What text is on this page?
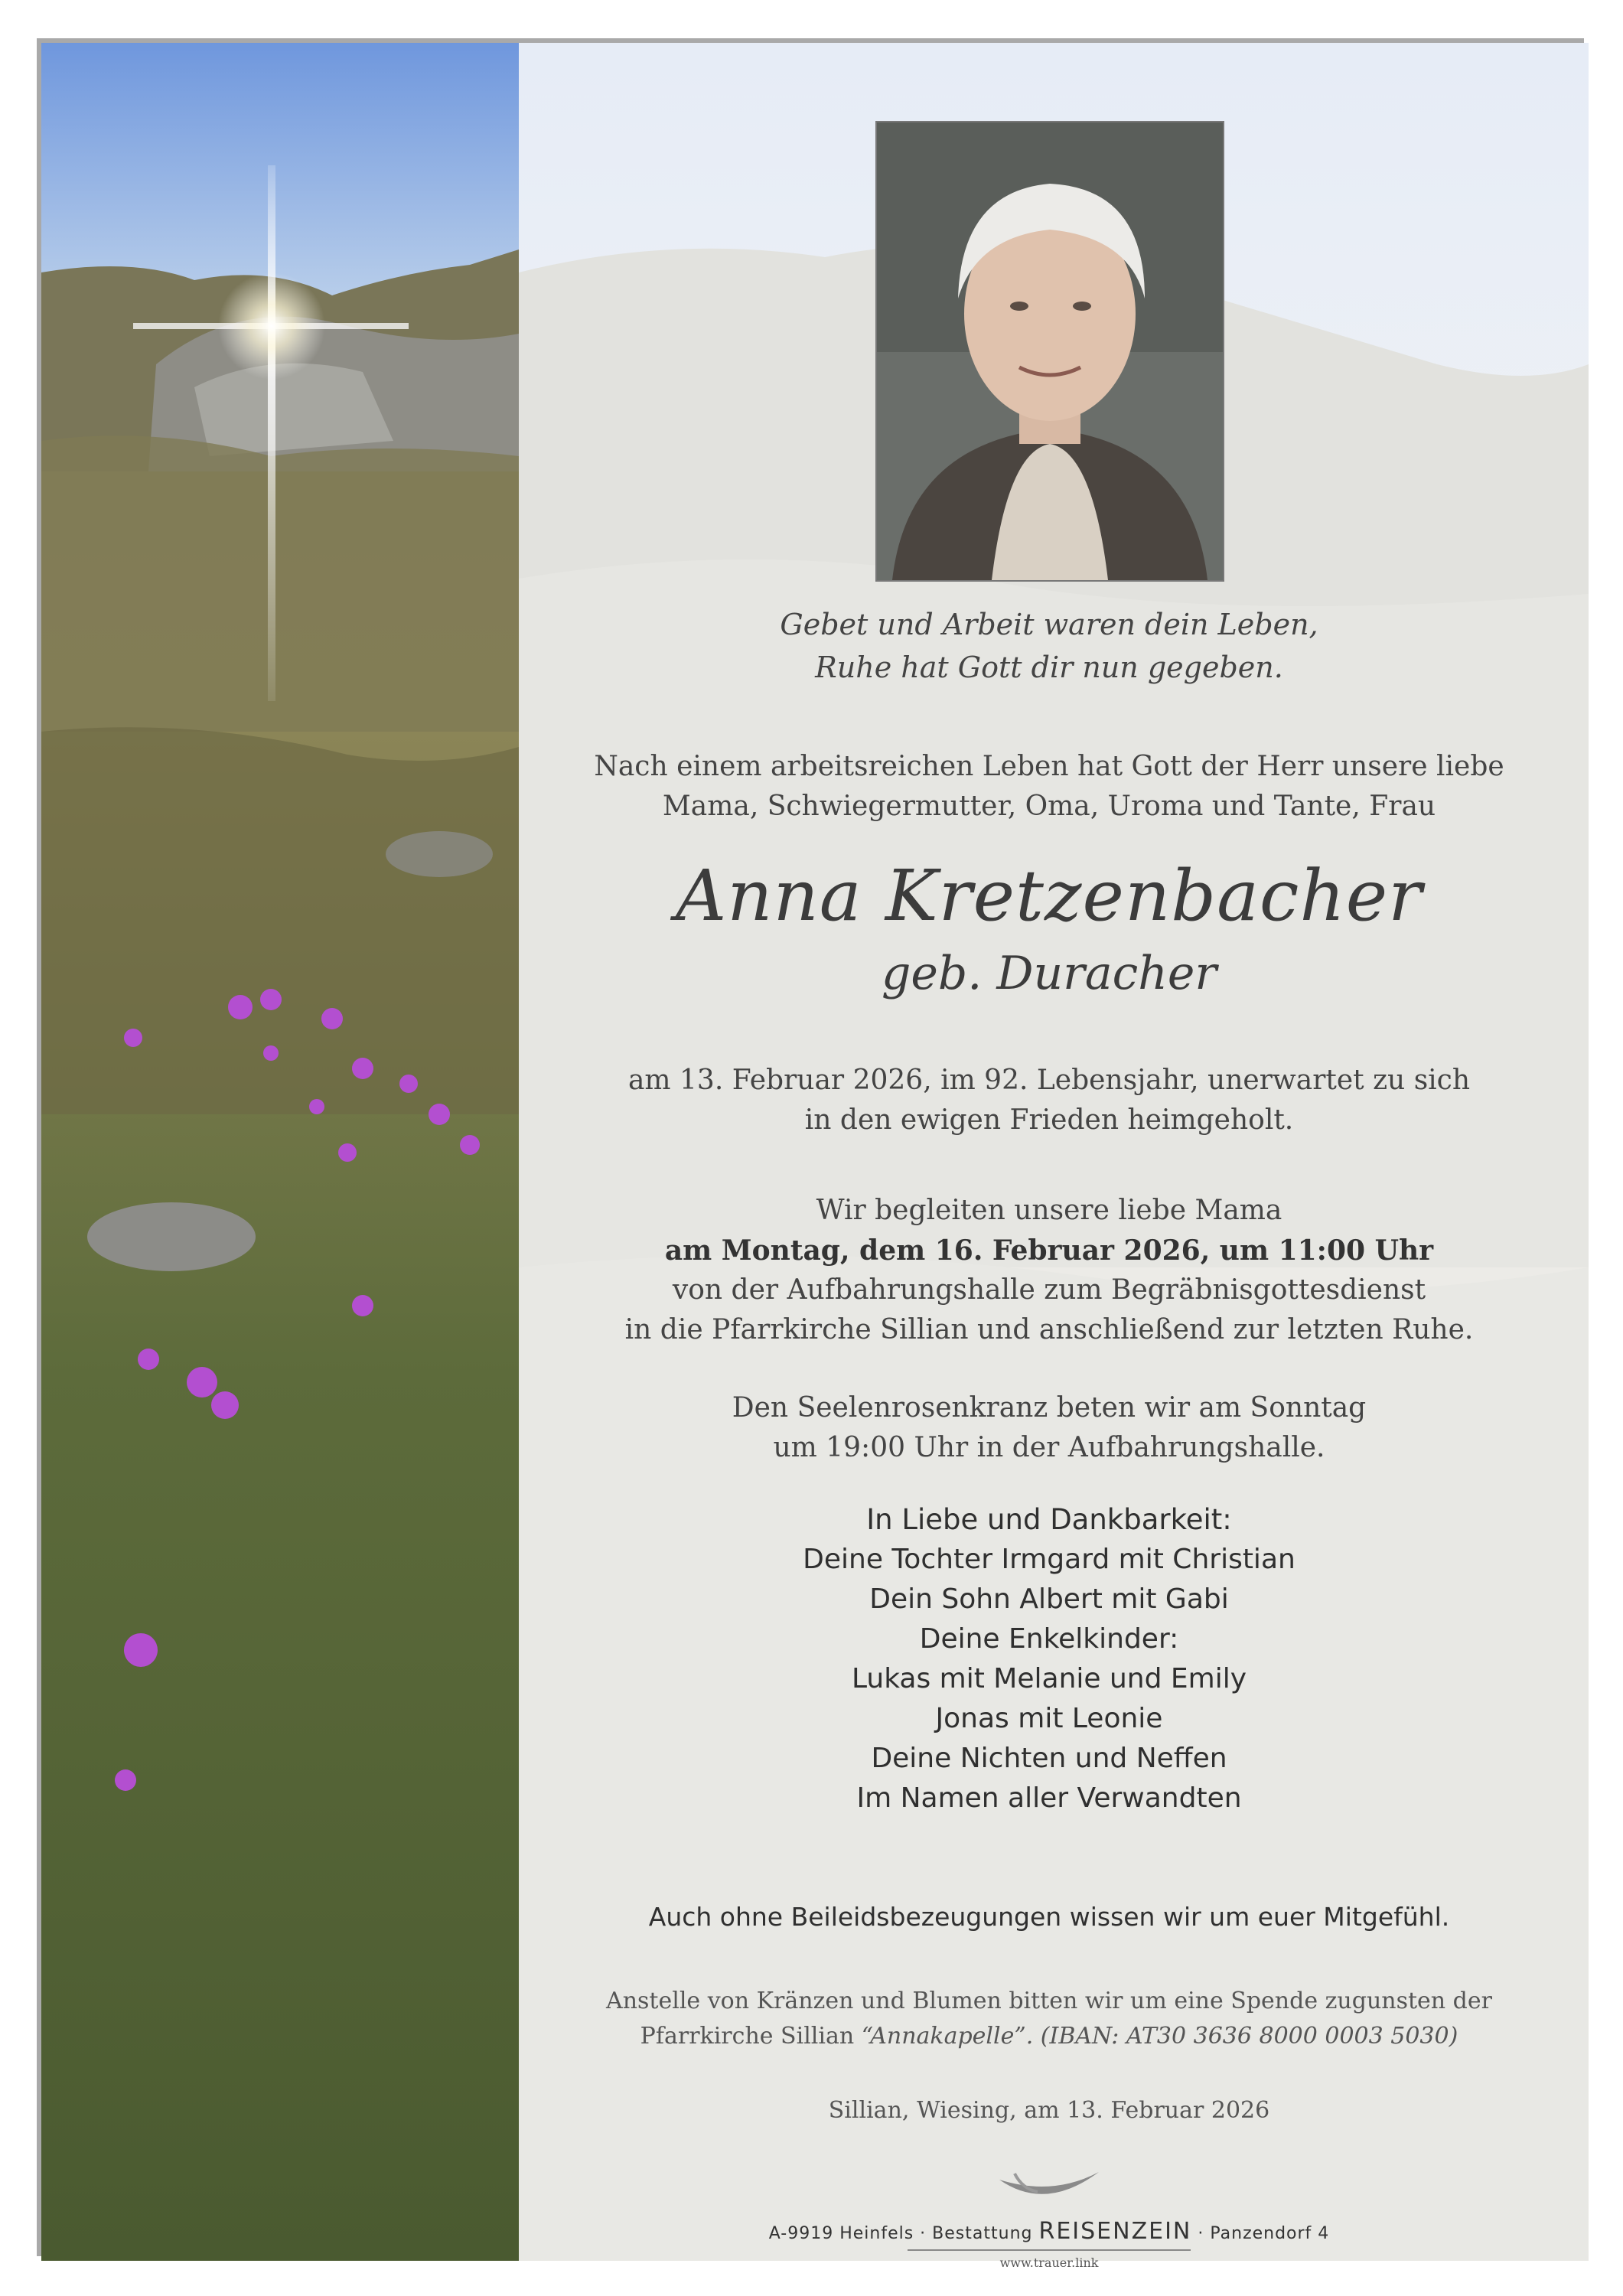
Gebet und Arbeit waren dein Leben,
Ruhe hat Gott dir nun gegeben.
Nach einem arbeitsreichen Leben hat Gott der Herr unsere liebe
Mama, Schwiegermutter, Oma, Uroma und Tante, Frau
Anna Kretzenbacher
geb. Duracher
am 13. Februar 2026, im 92. Lebensjahr, unerwartet zu sich
in den ewigen Frieden heimgeholt.
Wir begleiten unsere liebe Mama
am Montag, dem 16. Februar 2026, um 11:00 Uhr
von der Aufbahrungshalle zum Begräbnisgottesdienst
in die Pfarrkirche Sillian und anschließend zur letzten Ruhe.
Den Seelenrosenkranz beten wir am Sonntag
um 19:00 Uhr in der Aufbahrungshalle.
In Liebe und Dankbarkeit:
Deine Tochter Irmgard mit Christian
Dein Sohn Albert mit Gabi
Deine Enkelkinder:
Lukas mit Melanie und Emily
Jonas mit Leonie
Deine Nichten und Neffen
Im Namen aller Verwandten
Auch ohne Beileidsbezeugungen wissen wir um euer Mitgefühl.
Anstelle von Kränzen und Blumen bitten wir um eine Spende zugunsten der
Pfarrkirche Sillian “Annakapelle”. (IBAN: AT30 3636 8000 0003 5030)
Sillian, Wiesing, am 13. Februar 2026
A-9919 Heinfels · Bestattung REISENZEIN · Panzendorf 4
www.trauer.link
